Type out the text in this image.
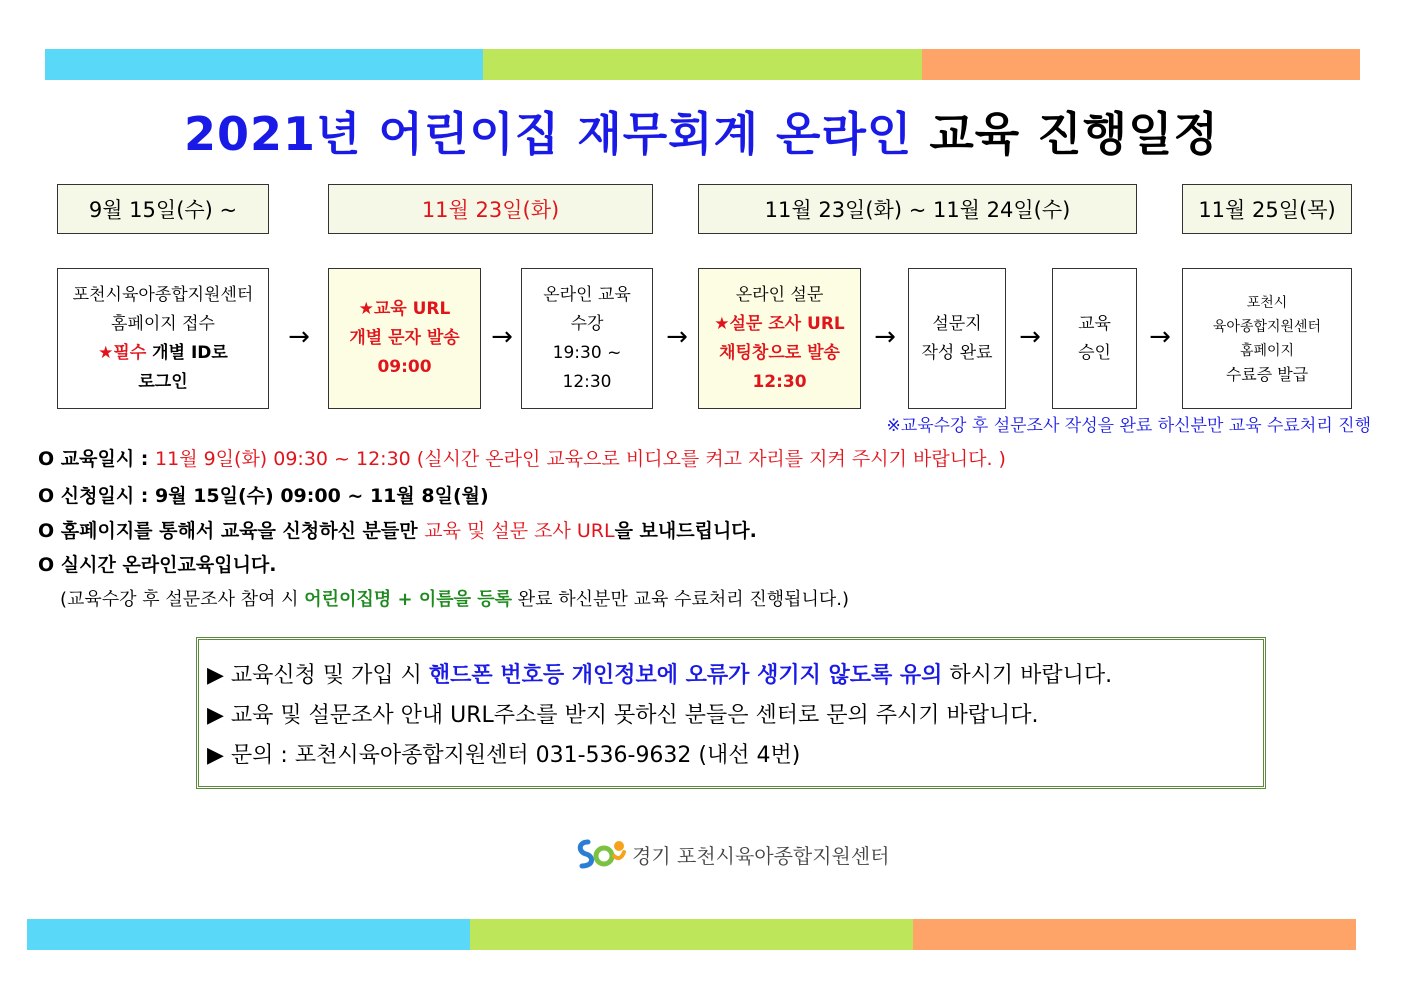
2021년 어린이집 재무회계 온라인 교육 진행일정
9월 15일(수) ~	11월 23일(화)	11월 23일(화) ~ 11월 24일(수)	11월 25일(목)
포천시육아종합지원센터
홈페이지 접수
★필수 개별 ID로
로그인
→
★교육 URL
개별 문자 발송
09:00
→
온라인 교육
수강
19:30 ~
12:30
→
온라인 설문
★설문 조사 URL
채팅창으로 발송
12:30
→	설문지
작성 완료
→	교육
승인
→
포천시
육아종합지원센터
홈페이지
수료증 발급
※교육수강 후 설문조사 작성을 완료 하신분만 교육 수료처리 진행
O 교육일시 : 11월 9일(화) 09:30 ~ 12:30 (실시간 온라인 교육으로 비디오를 켜고 자리를 지켜 주시기 바랍니다. )
O 신청일시 : 9월 15일(수) 09:00 ~ 11월 8일(월)
O 홈페이지를 통해서 교육을 신청하신 분들만 교육 및 설문 조사 URL을 보내드립니다.
O 실시간 온라인교육입니다.
(교육수강 후 설문조사 참여 시 어린이집명 + 이름을 등록 완료 하신분만 교육 수료처리 진행됩니다.)
▶ 교육신청 및 가입 시 핸드폰 번호등 개인정보에 오류가 생기지 않도록 유의 하시기 바랍니다.
▶ 교육 및 설문조사 안내 URL주소를 받지 못하신 분들은 센터로 문의 주시기 바랍니다.
▶ 문의 : 포천시육아종합지원센터 031-536-9632 (내선 4번)
경기 포천시육아종합지원센터
